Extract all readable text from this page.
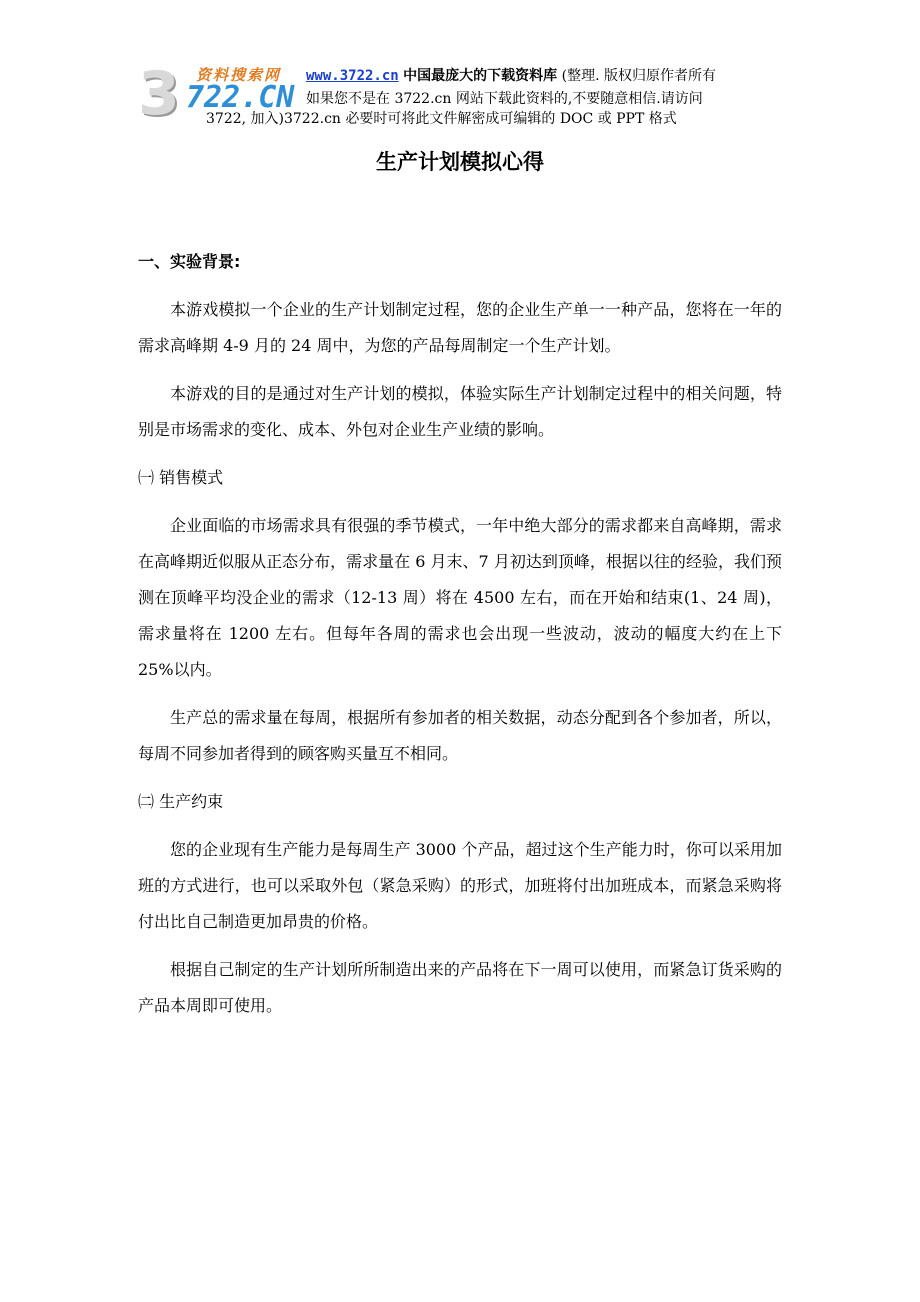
3 722.CN
资料搜索网 www.3722.cn 中国最庞大的下载资料库 (整理. 版权归原作者所有
如果您不是在 3722.cn 网站下载此资料的,不要随意相信.请访问
3722, 加入)3722.cn 必要时可将此文件解密成可编辑的 DOC 或 PPT 格式
生产计划模拟心得
一、实验背景:

本游戏模拟一个企业的生产计划制定过程，您的企业生产单一一种产品，您将在一年的需求高峰期 4-9 月的 24 周中，为您的产品每周制定一个生产计划。

本游戏的目的是通过对生产计划的模拟，体验实际生产计划制定过程中的相关问题，特别是市场需求的变化、成本、外包对企业生产业绩的影响。

㈠ 销售模式

企业面临的市场需求具有很强的季节模式，一年中绝大部分的需求都来自高峰期，需求在高峰期近似服从正态分布，需求量在 6 月末、7 月初达到顶峰，根据以往的经验，我们预测在顶峰平均没企业的需求（12-13 周）将在 4500 左右，而在开始和结束(1、24 周)，需求量将在 1200 左右。但每年各周的需求也会出现一些波动，波动的幅度大约在上下 25%以内。

生产总的需求量在每周，根据所有参加者的相关数据，动态分配到各个参加者，所以，每周不同参加者得到的顾客购买量互不相同。

㈡ 生产约束

您的企业现有生产能力是每周生产 3000 个产品，超过这个生产能力时，你可以采用加班的方式进行，也可以采取外包（紧急采购）的形式，加班将付出加班成本，而紧急采购将付出比自己制造更加昂贵的价格。

根据自己制定的生产计划所所制造出来的产品将在下一周可以使用，而紧急订货采购的产品本周即可使用。
